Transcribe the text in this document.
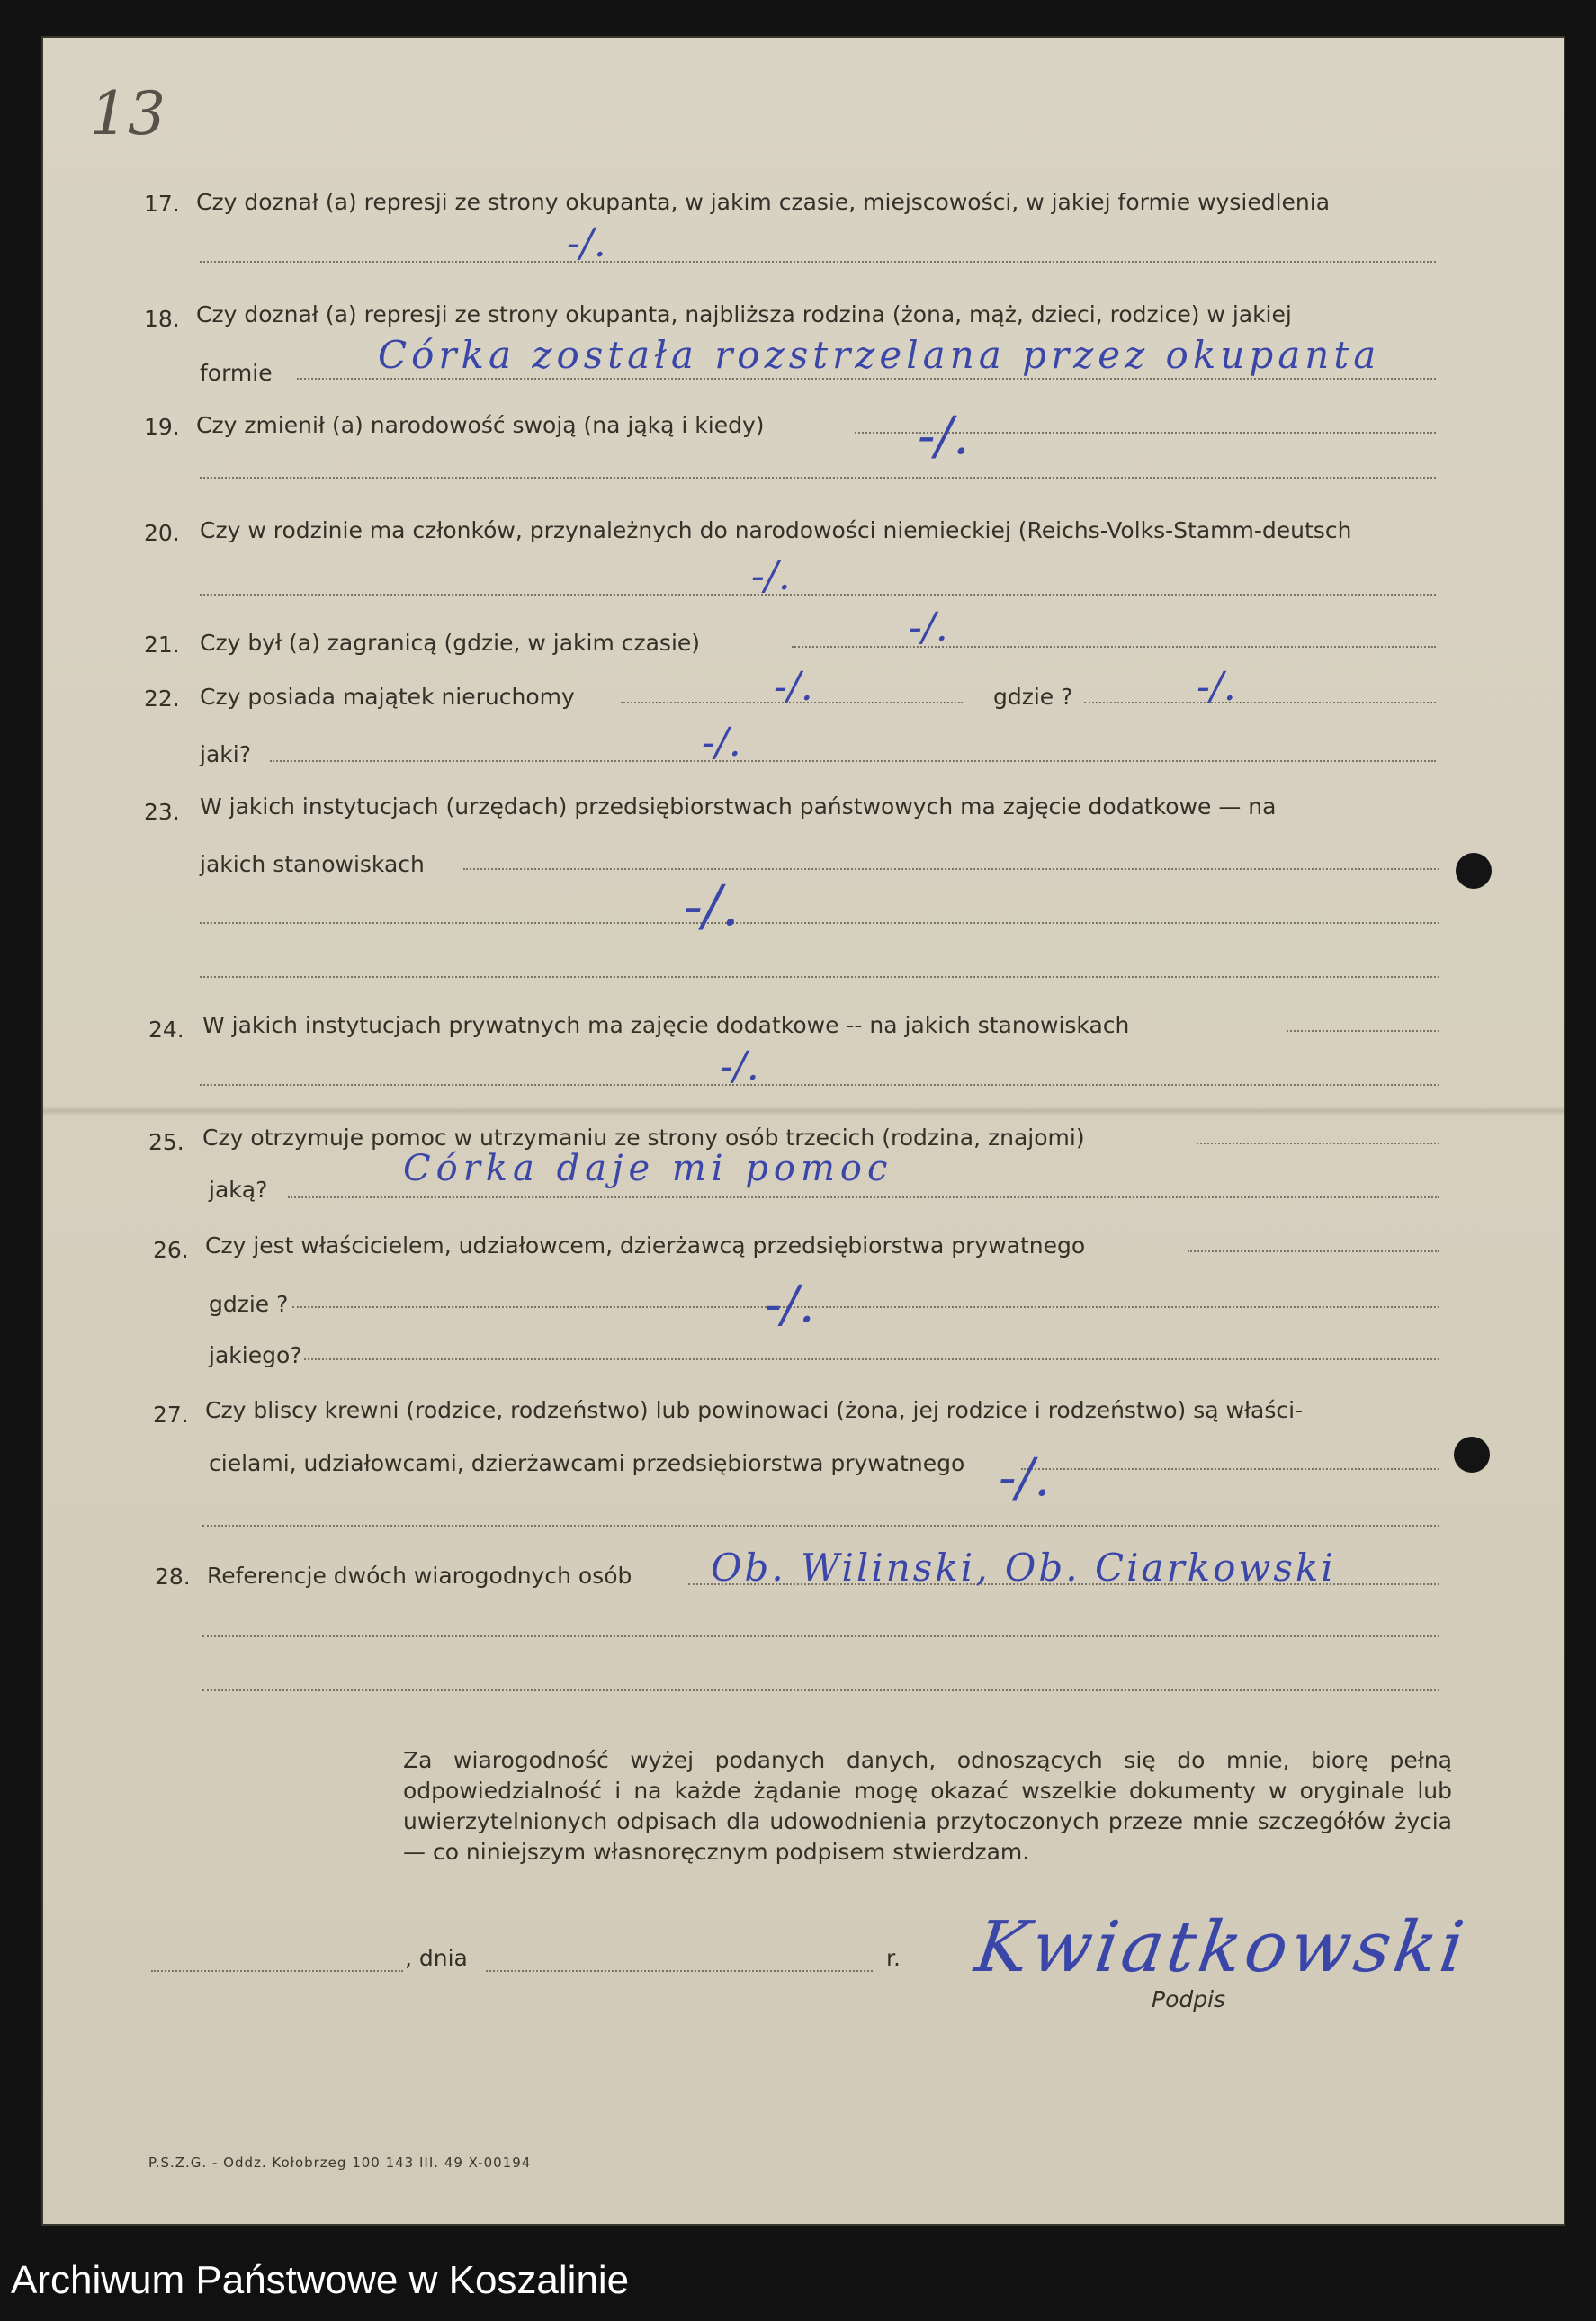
13
17. Czy doznał (a) represji ze strony okupanta, w jakim czasie, miejscowości, w jakiej formie wysiedlenia
-/.
18. Czy doznał (a) represji ze strony okupanta, najbliższa rodzina (żona, mąż, dzieci, rodzice) w jakiej
formie	Córka została rozstrzelana przez okupanta
19. Czy zmienił (a) narodowość swoją (na jąką i kiedy)	-/.
20. Czy w rodzinie ma członków, przynależnych do narodowości niemieckiej (Reichs-Volks-Stamm-deutsch
-/.
21. Czy był (a) zagranicą (gdzie, w jakim czasie)	-/.
22. Czy posiada majątek nieruchomy	-/.	gdzie ?	-/.
jaki?	-/.
23. W jakich instytucjach (urzędach) przedsiębiorstwach państwowych ma zajęcie dodatkowe — na
jakich stanowiskach
-/.
24. W jakich instytucjach prywatnych ma zajęcie dodatkowe -- na jakich stanowiskach
-/.
25. Czy otrzymuje pomoc w utrzymaniu ze strony osób trzecich (rodzina, znajomi)
jaką?
Córka daje mi pomoc
26. Czy jest właścicielem, udziałowcem, dzierżawcą przedsiębiorstwa prywatnego
gdzie ?	-/.
jakiego?
27. Czy bliscy krewni (rodzice, rodzeństwo) lub powinowaci (żona, jej rodzice i rodzeństwo) są właści-
cielami, udziałowcami, dzierżawcami przedsiębiorstwa prywatnego -/.
28. Referencje dwóch wiarogodnych osób Ob. Wilinski, Ob. Ciarkowski
Za wiarogodność wyżej podanych danych, odnoszących się do mnie, biorę pełną odpowiedzialność i na każde żądanie mogę okazać wszelkie dokumenty w oryginale lub uwierzytelnionych odpisach dla udowodnienia przytoczonych przeze mnie szczegółów życia — co niniejszym własnoręcznym podpisem stwierdzam.
, dnia	r. Kwiatkowski
Podpis
P.S.Z.G. - Oddz. Kołobrzeg 100 143 III. 49 X-00194
Archiwum Państwowe w Koszalinie
